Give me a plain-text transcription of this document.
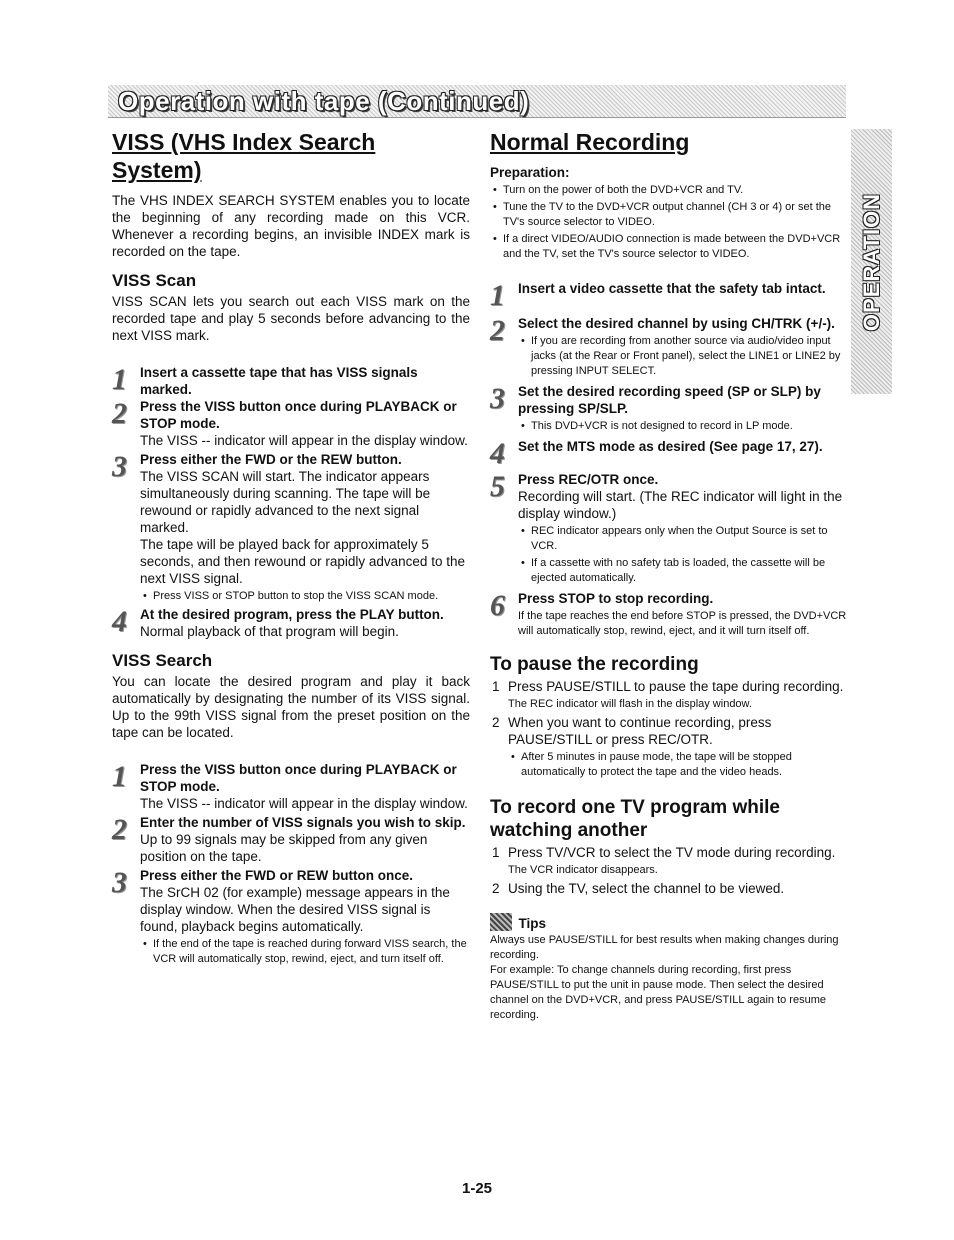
Operation with tape (Continued)
OPERATION
VISS (VHS Index Search System)

The VHS INDEX SEARCH SYSTEM enables you to locate the beginning of any recording made on this VCR. Whenever a recording begins, an invisible INDEX mark is recorded on the tape.

VISS Scan

VISS SCAN lets you search out each VISS mark on the recorded tape and play 5 seconds before advancing to the next VISS mark.

1 Insert a cassette tape that has VISS signals marked.
2 Press the VISS button once during PLAYBACK or STOP mode.
The VISS -- indicator will appear in the display window.
3 Press either the FWD or the REW button.
The VISS SCAN will start. The indicator appears simultaneously during scanning. The tape will be rewound or rapidly advanced to the next signal marked.
The tape will be played back for approximately 5 seconds, and then rewound or rapidly advanced to the next VISS signal.
• Press VISS or STOP button to stop the VISS SCAN mode.
4 At the desired program, press the PLAY button.
Normal playback of that program will begin.
VISS Search

You can locate the desired program and play it back automatically by designating the number of its VISS signal. Up to the 99th VISS signal from the preset position on the tape can be located.

1 Press the VISS button once during PLAYBACK or STOP mode.
The VISS -- indicator will appear in the display window.
2 Enter the number of VISS signals you wish to skip.
Up to 99 signals may be skipped from any given position on the tape.
3 Press either the FWD or REW button once.
The SrCH 02 (for example) message appears in the display window. When the desired VISS signal is found, playback begins automatically.
• If the end of the tape is reached during forward VISS search, the VCR will automatically stop, rewind, eject, and turn itself off.
Normal Recording
Preparation:
• Turn on the power of both the DVD+VCR and TV.
• Tune the TV to the DVD+VCR output channel (CH 3 or 4) or set the TV's source selector to VIDEO.
• If a direct VIDEO/AUDIO connection is made between the DVD+VCR and the TV, set the TV's source selector to VIDEO.
1 Insert a video cassette that the safety tab intact.
2 Select the desired channel by using CH/TRK (+/-).
• If you are recording from another source via audio/video input jacks (at the Rear or Front panel), select the LINE1 or LINE2 by pressing INPUT SELECT.
3 Set the desired recording speed (SP or SLP) by pressing SP/SLP.
• This DVD+VCR is not designed to record in LP mode.
4 Set the MTS mode as desired (See page 17, 27).
5 Press REC/OTR once.
Recording will start. (The REC indicator will light in the display window.)
• REC indicator appears only when the Output Source is set to VCR.
• If a cassette with no safety tab is loaded, the cassette will be ejected automatically.
6 Press STOP to stop recording.
If the tape reaches the end before STOP is pressed, the DVD+VCR will automatically stop, rewind, eject, and it will turn itself off.
To pause the recording
1 Press PAUSE/STILL to pause the tape during recording.
The REC indicator will flash in the display window.
2 When you want to continue recording, press PAUSE/STILL or press REC/OTR.
• After 5 minutes in pause mode, the tape will be stopped automatically to protect the tape and the video heads.
To record one TV program while watching another
1 Press TV/VCR to select the TV mode during recording.
The VCR indicator disappears.
2 Using the TV, select the channel to be viewed.
Tips
Always use PAUSE/STILL for best results when making changes during recording.
For example: To change channels during recording, first press PAUSE/STILL to put the unit in pause mode. Then select the desired channel on the DVD+VCR, and press PAUSE/STILL again to resume recording.
1-25
